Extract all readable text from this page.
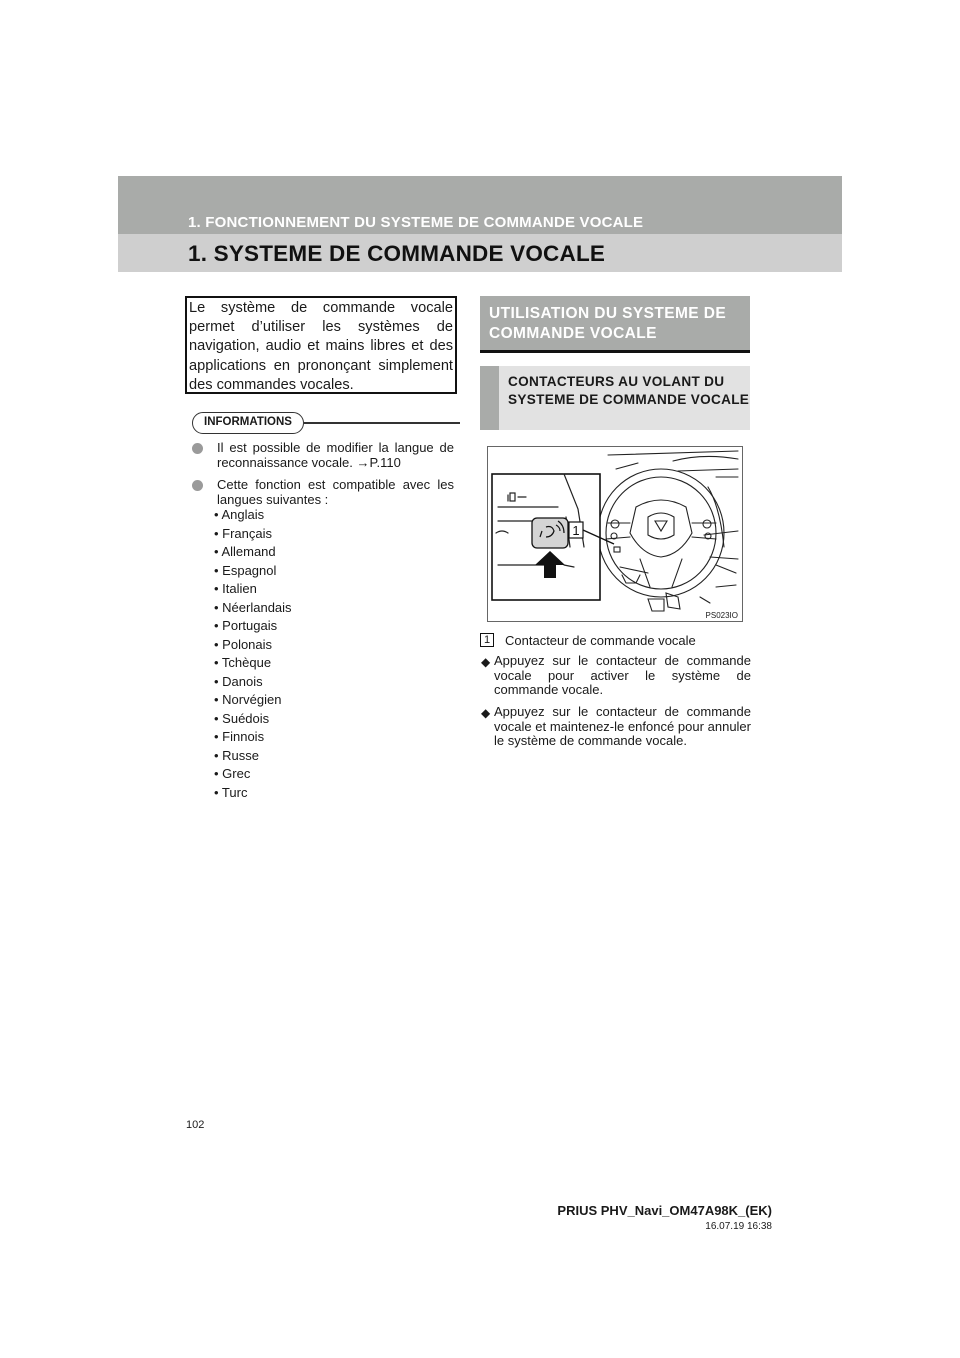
1. FONCTIONNEMENT DU SYSTEME DE COMMANDE VOCALE
1. SYSTEME DE COMMANDE VOCALE
Le système de commande vocale permet d’utiliser les systèmes de navigation, audio et mains libres et des applications en prononçant simplement des commandes vocales.
INFORMATIONS
Il est possible de modifier la langue de reconnaissance vocale. →P.110
Cette fonction est compatible avec les langues suivantes :
• Anglais
• Français
• Allemand
• Espagnol
• Italien
• Néerlandais
• Portugais
• Polonais
• Tchèque
• Danois
• Norvégien
• Suédois
• Finnois
• Russe
• Grec
• Turc
UTILISATION DU SYSTEME DE COMMANDE VOCALE
CONTACTEURS AU VOLANT DU SYSTEME DE COMMANDE VOCALE
1
PS023IO
1	Contacteur de commande vocale
◆ Appuyez sur le contacteur de commande vocale pour activer le système de commande vocale.
◆ Appuyez sur le contacteur de commande vocale et maintenez-le enfoncé pour annuler le système de commande vocale.
102
PRIUS PHV_Navi_OM47A98K_(EK)
16.07.19 16:38
